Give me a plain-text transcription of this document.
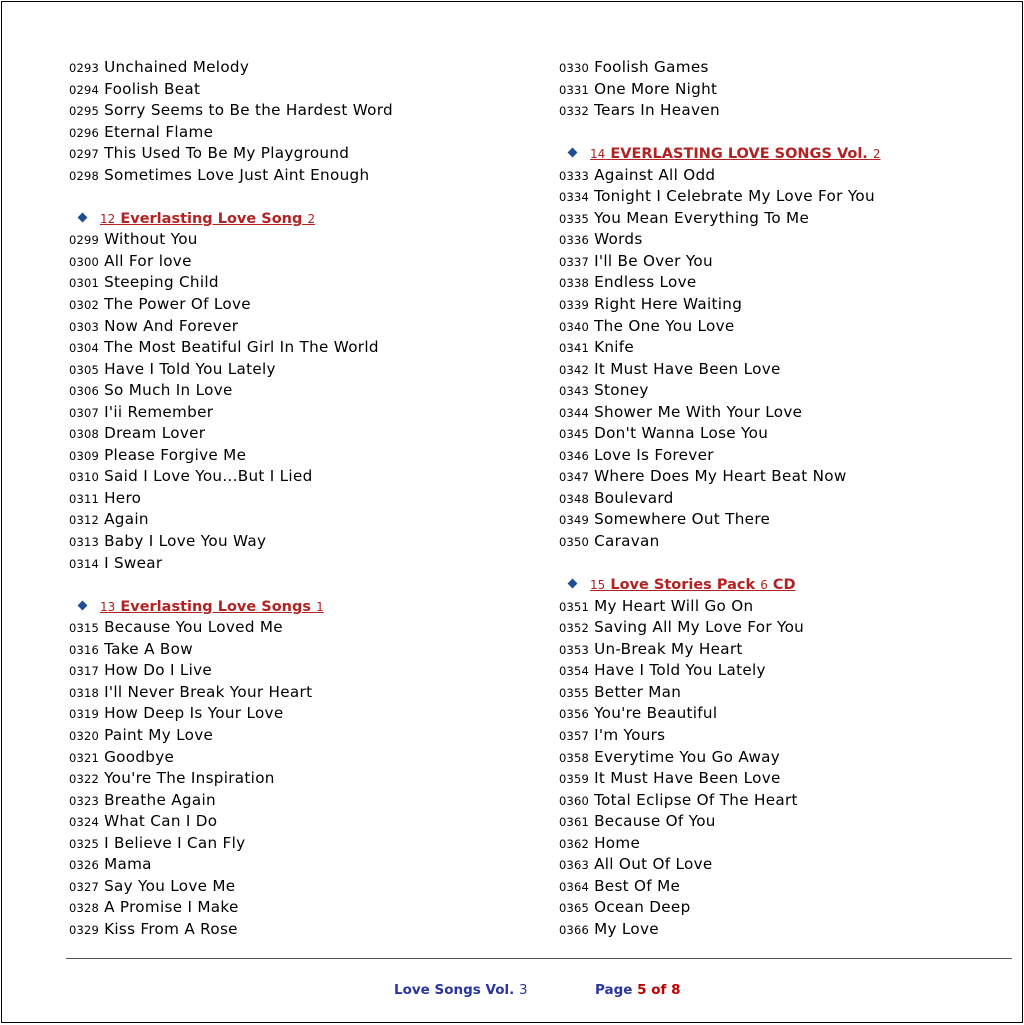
0293 Unchained Melody
0294 Foolish Beat
0295 Sorry Seems to Be the Hardest Word
0296 Eternal Flame
0297 This Used To Be My Playground
0298 Sometimes Love Just Aint Enough
12 Everlasting Love Song 2
0299 Without You
0300 All For love
0301 Steeping Child
0302 The Power Of Love
0303 Now And Forever
0304 The Most Beatiful Girl In The World
0305 Have I Told You Lately
0306 So Much In Love
0307 I'ii Remember
0308 Dream Lover
0309 Please Forgive Me
0310 Said I Love You...But I Lied
0311 Hero
0312 Again
0313 Baby I Love You Way
0314 I Swear
13 Everlasting Love Songs 1
0315 Because You Loved Me
0316 Take A Bow
0317 How Do I Live
0318 I'll Never Break Your Heart
0319 How Deep Is Your Love
0320 Paint My Love
0321 Goodbye
0322 You're The Inspiration
0323 Breathe Again
0324 What Can I Do
0325 I Believe I Can Fly
0326 Mama
0327 Say You Love Me
0328 A Promise I Make
0329 Kiss From A Rose
0330 Foolish Games
0331 One More Night
0332 Tears In Heaven
14 EVERLASTING LOVE SONGS Vol. 2
0333 Against All Odd
0334 Tonight I Celebrate My Love For You
0335 You Mean Everything To Me
0336 Words
0337 I'll Be Over You
0338 Endless Love
0339 Right Here Waiting
0340 The One You Love
0341 Knife
0342 It Must Have Been Love
0343 Stoney
0344 Shower Me With Your Love
0345 Don't Wanna Lose You
0346 Love Is Forever
0347 Where Does My Heart Beat Now
0348 Boulevard
0349 Somewhere Out There
0350 Caravan
15 Love Stories Pack 6 CD
0351 My Heart Will Go On
0352 Saving All My Love For You
0353 Un-Break My Heart
0354 Have I Told You Lately
0355 Better Man
0356 You're Beautiful
0357 I'm Yours
0358 Everytime You Go Away
0359 It Must Have Been Love
0360 Total Eclipse Of The Heart
0361 Because Of You
0362 Home
0363 All Out Of Love
0364 Best Of Me
0365 Ocean Deep
0366 My Love
Love Songs Vol. 3	Page 5 of 8
